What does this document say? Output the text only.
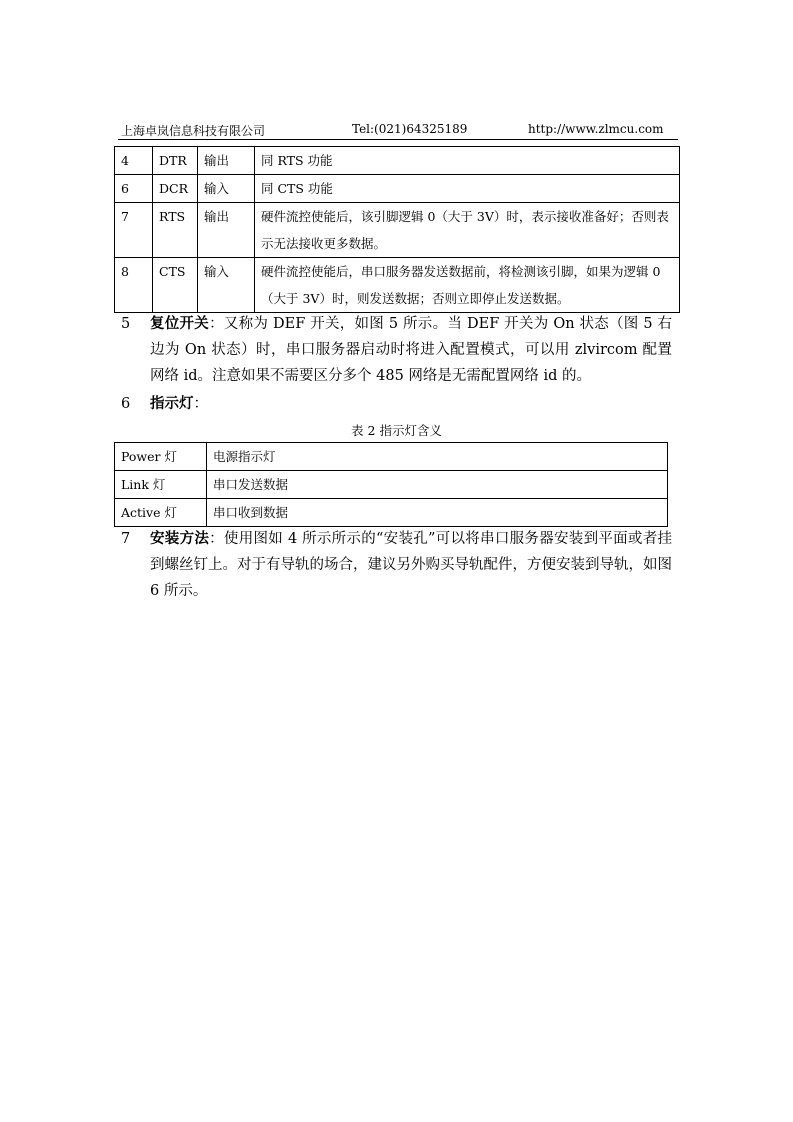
上海卓岚信息科技有限公司	Tel:(021)64325189	http://www.zlmcu.com
4	DTR	输出	同 RTS 功能
6	DCR	输入	同 CTS 功能
7	RTS	输出	硬件流控使能后，该引脚逻辑 0（大于 3V）时，表示接收准备好；否则表示无法接收更多数据。
8	CTS	输入	硬件流控使能后，串口服务器发送数据前，将检测该引脚，如果为逻辑 0（大于 3V）时，则发送数据；否则立即停止发送数据。
5 复位开关：又称为 DEF 开关，如图 5 所示。当 DEF 开关为 On 状态（图 5 右边为 On 状态）时，串口服务器启动时将进入配置模式，可以用 zlvircom 配置网络 id。注意如果不需要区分多个 485 网络是无需配置网络 id 的。
6 指示灯：
表 2 指示灯含义
Power 灯	电源指示灯
Link 灯	串口发送数据
Active 灯	串口收到数据
7 安装方法：使用图如 4 所示所示的“安装孔”可以将串口服务器安装到平面或者挂到螺丝钉上。对于有导轨的场合，建议另外购买导轨配件，方便安装到导轨，如图 6 所示。
